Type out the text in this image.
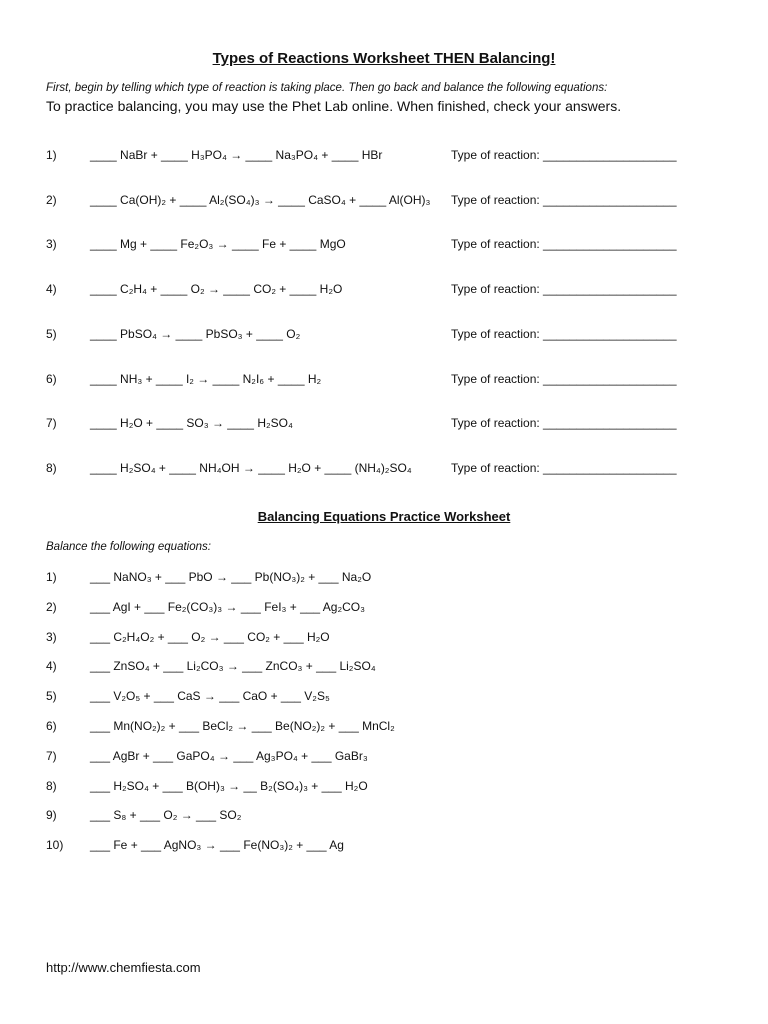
Types of Reactions Worksheet THEN Balancing!
First, begin by telling which type of reaction is taking place. Then go back and balance the following equations:
To practice balancing, you may use the Phet Lab online. When finished, check your answers.
1)	____ NaBr + ____ H₃PO₄ → ____ Na₃PO₄ + ____ HBr	Type of reaction: ____________________
2)	____ Ca(OH)₂ + ____ Al₂(SO₄)₃ → ____ CaSO₄ + ____ Al(OH)₃ Type of reaction: ____________________
3)	____ Mg + ____ Fe₂O₃ → ____ Fe + ____ MgO	Type of reaction: ____________________
4)	____ C₂H₄ + ____ O₂ → ____ CO₂ + ____ H₂O	Type of reaction: ____________________
5)	____ PbSO₄ → ____ PbSO₃ + ____ O₂	Type of reaction: ____________________
6)	____ NH₃ + ____ I₂ → ____ N₂I₆ + ____ H₂	Type of reaction: ____________________
7)	____ H₂O + ____ SO₃ → ____ H₂SO₄	Type of reaction: ____________________
8)	____ H₂SO₄ + ____ NH₄OH → ____ H₂O + ____ (NH₄)₂SO₄	Type of reaction: ____________________
Balancing Equations Practice Worksheet
Balance the following equations:
1)	___ NaNO₃ + ___ PbO → ___ Pb(NO₃)₂ + ___ Na₂O
2)	___ AgI + ___ Fe₂(CO₃)₃ → ___ FeI₃ + ___ Ag₂CO₃
3)	___ C₂H₄O₂ + ___ O₂ → ___ CO₂ + ___ H₂O
4)	___ ZnSO₄ + ___ Li₂CO₃ → ___ ZnCO₃ + ___ Li₂SO₄
5)	___ V₂O₅ + ___ CaS → ___ CaO + ___ V₂S₅
6)	___ Mn(NO₂)₂ + ___ BeCl₂ → ___ Be(NO₂)₂ + ___ MnCl₂
7)	___ AgBr + ___ GaPO₄ → ___ Ag₃PO₄ + ___ GaBr₃
8)	___ H₂SO₄ + ___ B(OH)₃ → __ B₂(SO₄)₃ + ___ H₂O
9)	___ S₈ + ___ O₂ → ___ SO₂
10) ___ Fe + ___ AgNO₃ → ___ Fe(NO₃)₂ + ___ Ag
http://www.chemfiesta.com
